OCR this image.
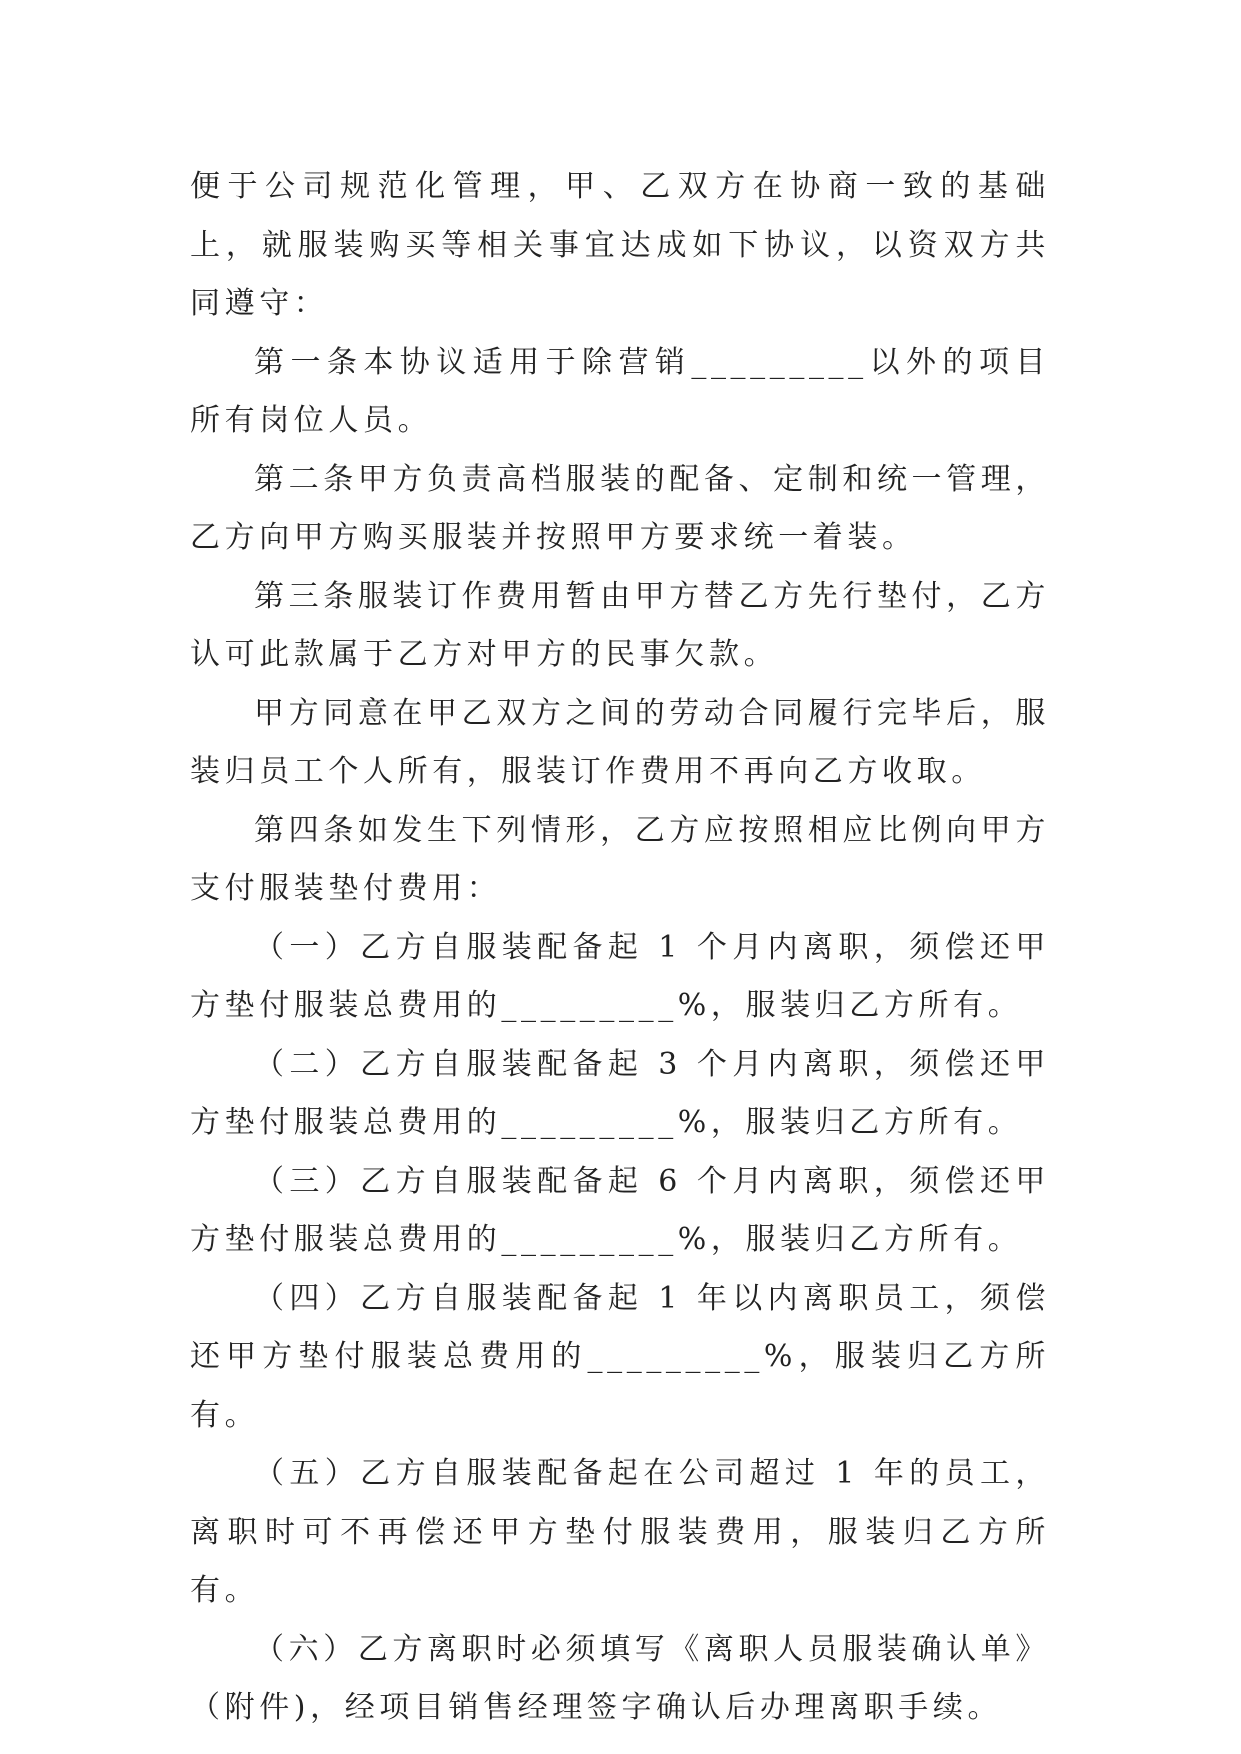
便于公司规范化管理，甲、乙双方在协商一致的基础上，就服装购买等相关事宜达成如下协议，以资双方共同遵守：

第一条本协议适用于除营销_________以外的项目所有岗位人员。

第二条甲方负责高档服装的配备、定制和统一管理，乙方向甲方购买服装并按照甲方要求统一着装。

第三条服装订作费用暂由甲方替乙方先行垫付，乙方认可此款属于乙方对甲方的民事欠款。

甲方同意在甲乙双方之间的劳动合同履行完毕后，服装归员工个人所有，服装订作费用不再向乙方收取。

第四条如发生下列情形，乙方应按照相应比例向甲方支付服装垫付费用：

（一）乙方自服装配备起 1 个月内离职，须偿还甲方垫付服装总费用的_________%，服装归乙方所有。

（二）乙方自服装配备起 3 个月内离职，须偿还甲方垫付服装总费用的_________%，服装归乙方所有。

（三）乙方自服装配备起 6 个月内离职，须偿还甲方垫付服装总费用的_________%，服装归乙方所有。

（四）乙方自服装配备起 1 年以内离职员工，须偿还甲方垫付服装总费用的_________%，服装归乙方所有。

（五）乙方自服装配备起在公司超过 1 年的员工，离职时可不再偿还甲方垫付服装费用，服装归乙方所有。

（六）乙方离职时必须填写《离职人员服装确认单》（附件)，经项目销售经理签字确认后办理离职手续。
